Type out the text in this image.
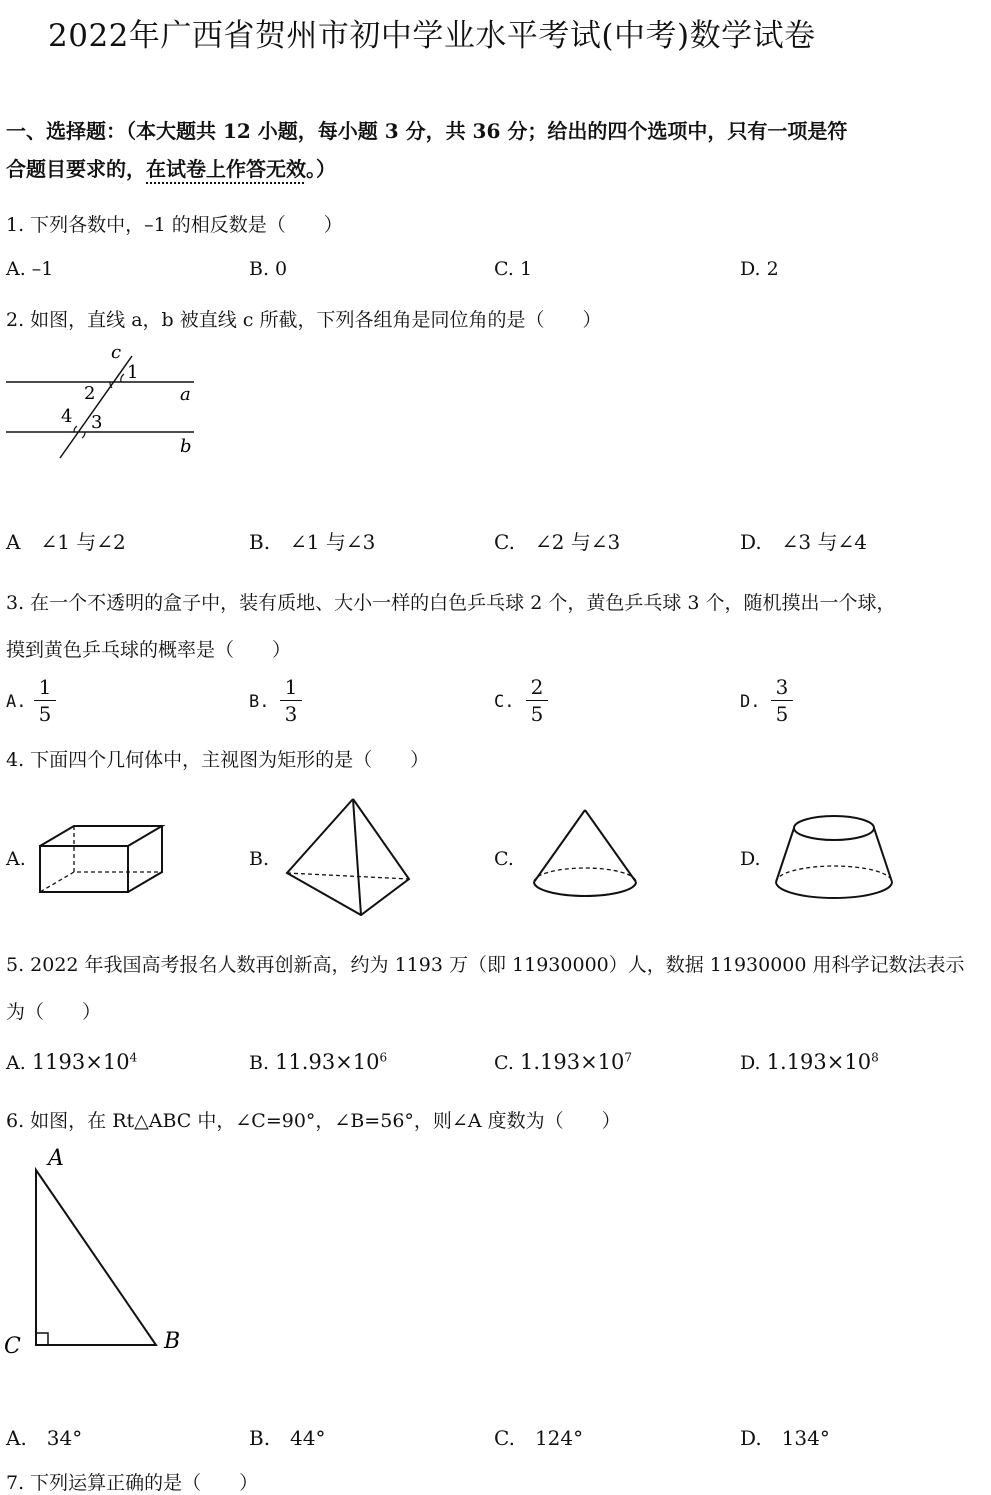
2022年广西省贺州市初中学业水平考试(中考)数学试卷
一、选择题：（本大题共 12 小题，每小题 3 分，共 36 分；给出的四个选项中，只有一项是符
合题目要求的，在试卷上作答无效。）
1. 下列各数中，–1 的相反数是（　　）
A. –1	B. 0	C. 1	D. 2
2. 如图，直线 a，b 被直线 c 所截，下列各组角是同位角的是（　　）
c
1
2	a
4 3
b
A　∠1 与∠2	B.　∠1 与∠3	C.　∠2 与∠3	D.　∠3 与∠4
3. 在一个不透明的盒子中，装有质地、大小一样的白色乒乓球 2 个，黄色乒乓球 3 个，随机摸出一个球，
摸到黄色乒乓球的概率是（　　）
A.
1
5	B.
1
3	C.
2
5	D.
3
5
4. 下面四个几何体中，主视图为矩形的是（　　）
A.	B.	C.	D.
5. 2022 年我国高考报名人数再创新高，约为 1193 万（即 11930000）人，数据 11930000 用科学记数法表示
为（　　）
A. $1193\times 10^4$	B. $11.93\times 10^6$	C. $1.193\times 10^7$	D. $1.193\times 10^8$
6. 如图，在 Rt△ABC 中，∠C=90°，∠B=56°，则∠A 度数为（　　）
A
C	B
A.　34°	B.　44°	C.　124°	D.　134°
7. 下列运算正确的是（　　）
